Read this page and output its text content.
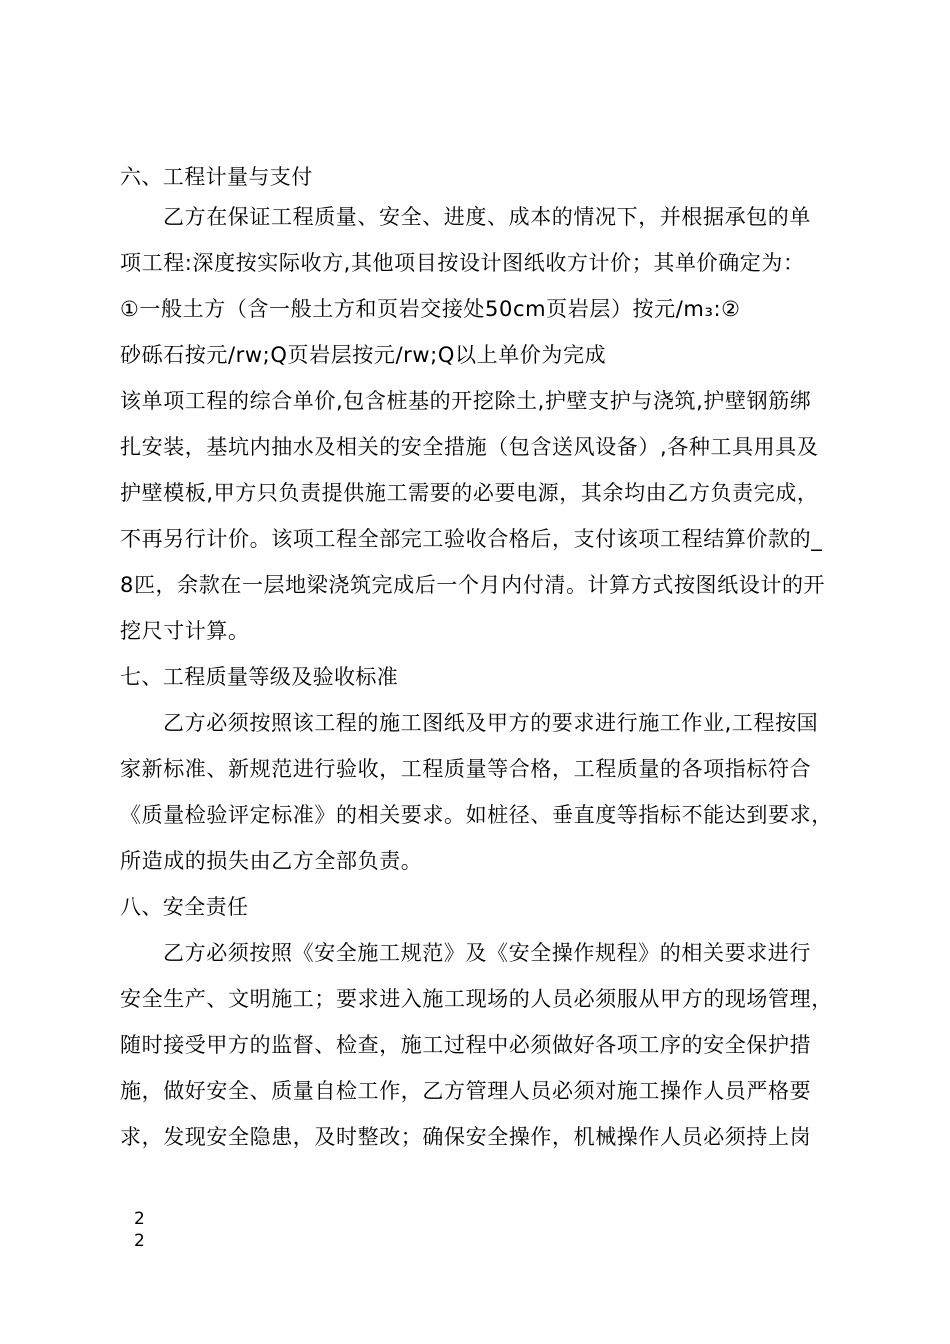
六、工程计量与支付
乙方在保证工程质量、安全、进度、成本的情况下，并根据承包的单
项工程:深度按实际收方,其他项目按设计图纸收方计价；其单价确定为：
①一般土方（含一般土方和页岩交接处50cm页岩层）按元/m₃:②
砂砾石按元/rw;Q页岩层按元/rw;Q以上单价为完成
该单项工程的综合单价,包含桩基的开挖除土,护壁支护与浇筑,护壁钢筋绑
扎安装，基坑内抽水及相关的安全措施（包含送风设备）,各种工具用具及
护壁模板,甲方只负责提供施工需要的必要电源，其余均由乙方负责完成，
不再另行计价。该项工程全部完工验收合格后，支付该项工程结算价款的_
8匹，余款在一层地梁浇筑完成后一个月内付清。计算方式按图纸设计的开
挖尺寸计算。
七、工程质量等级及验收标准
乙方必须按照该工程的施工图纸及甲方的要求进行施工作业,工程按国
家新标准、新规范进行验收，工程质量等合格，工程质量的各项指标符合
《质量检验评定标准》的相关要求。如桩径、垂直度等指标不能达到要求，
所造成的损失由乙方全部负责。
八、安全责任
乙方必须按照《安全施工规范》及《安全操作规程》的相关要求进行
安全生产、文明施工；要求进入施工现场的人员必须服从甲方的现场管理，
随时接受甲方的监督、检查，施工过程中必须做好各项工序的安全保护措
施，做好安全、质量自检工作，乙方管理人员必须对施工操作人员严格要
求，发现安全隐患，及时整改；确保安全操作，机械操作人员必须持上岗
2
2
